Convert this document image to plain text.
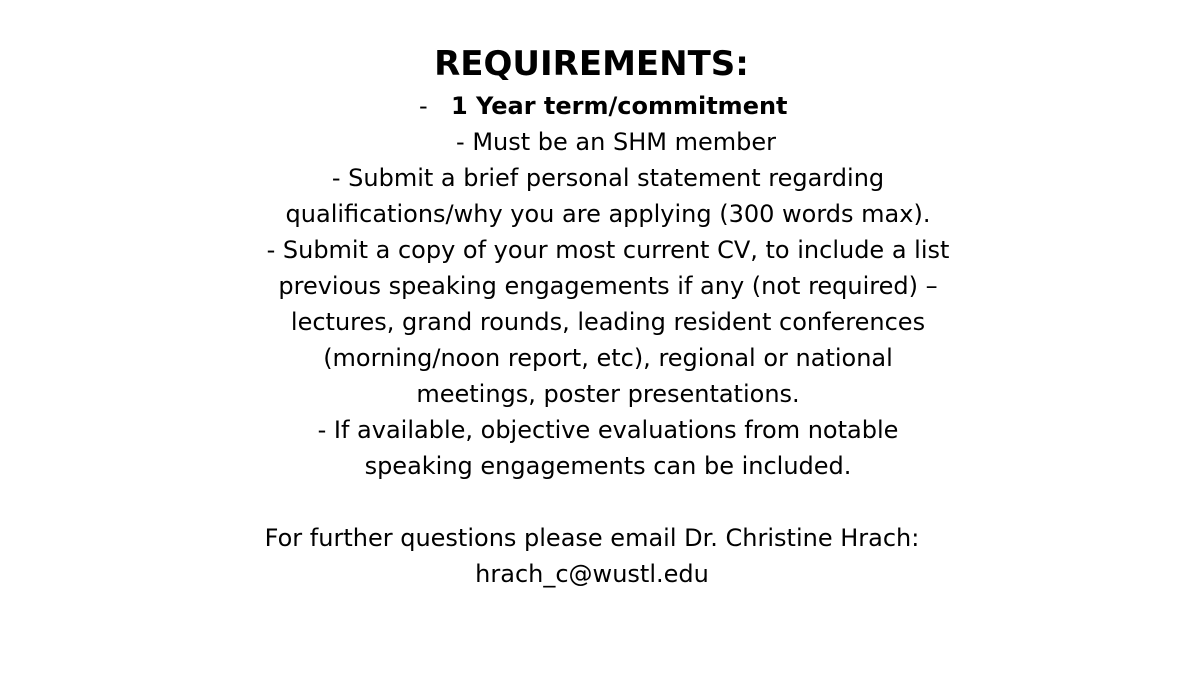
REQUIREMENTS:
- 1 Year term/commitment
- Must be an SHM member
- Submit a brief personal statement regarding
qualifications/why you are applying (300 words max).
- Submit a copy of your most current CV, to include a list
previous speaking engagements if any (not required) –
lectures, grand rounds, leading resident conferences
(morning/noon report, etc), regional or national
meetings, poster presentations.
- If available, objective evaluations from notable
speaking engagements can be included.
For further questions please email Dr. Christine Hrach:
hrach_c@wustl.edu
